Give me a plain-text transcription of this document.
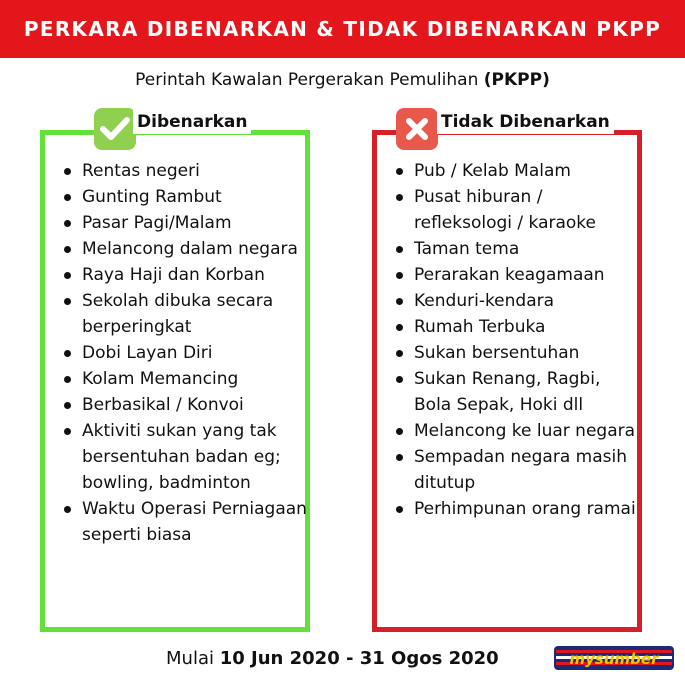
PERKARA DIBENARKAN & TIDAK DIBENARKAN PKPP
Perintah Kawalan Pergerakan Pemulihan (PKPP)
Dibenarkan
Rentas negeri
Gunting Rambut
Pasar Pagi/Malam
Melancong dalam negara
Raya Haji dan Korban
Sekolah dibuka secara berperingkat
Dobi Layan Diri
Kolam Memancing
Berbasikal / Konvoi
Aktiviti sukan yang tak bersentuhan badan eg; bowling, badminton
Waktu Operasi Perniagaan seperti biasa
Tidak Dibenarkan
Pub / Kelab Malam
Pusat hiburan / refleksologi / karaoke
Taman tema
Perarakan keagamaan
Kenduri-kendara
Rumah Terbuka
Sukan bersentuhan
Sukan Renang, Ragbi, Bola Sepak, Hoki dll
Melancong ke luar negara
Sempadan negara masih ditutup
Perhimpunan orang ramai
Mulai 10 Jun 2020 - 31 Ogos 2020	mysumber
